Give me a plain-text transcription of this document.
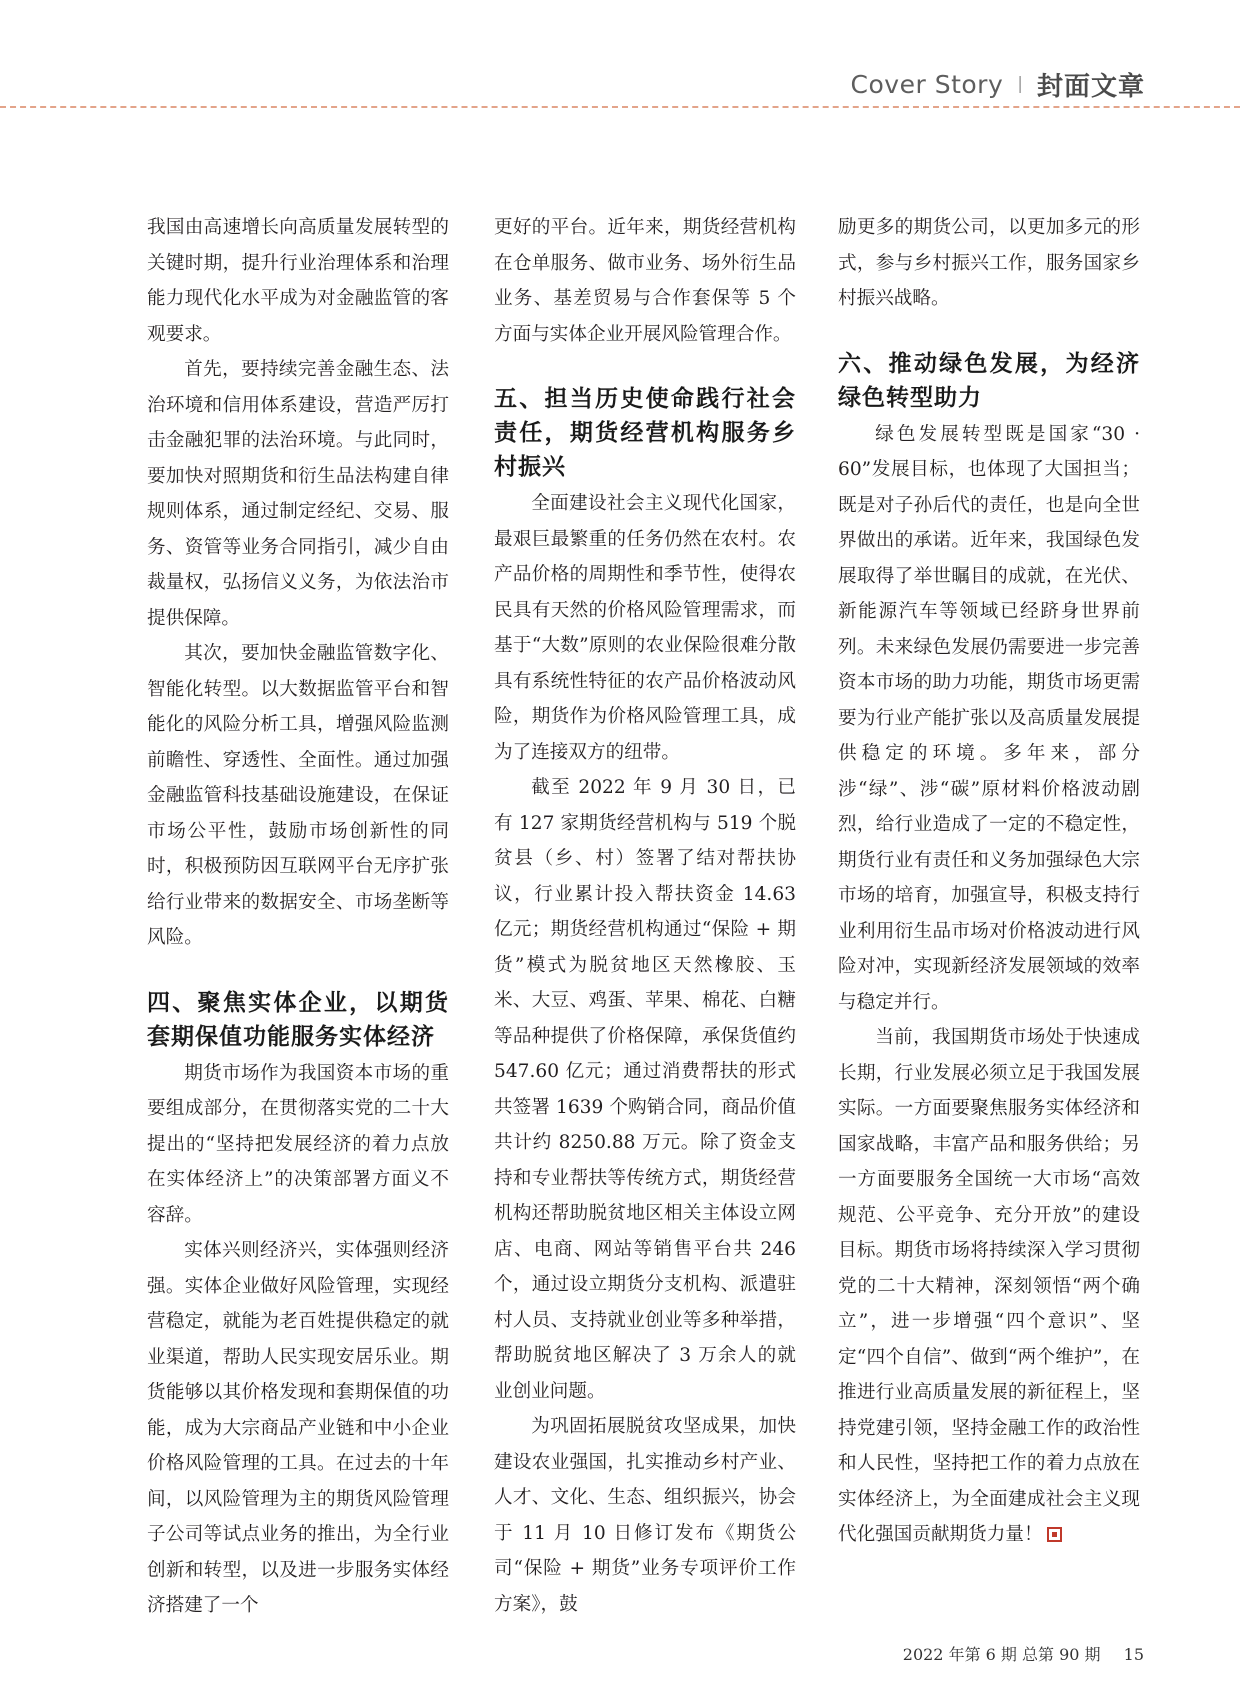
Cover Story | 封面文章

我国由高速增长向高质量发展转型的关键时期，提升行业治理体系和治理能力现代化水平成为对金融监管的客观要求。

首先，要持续完善金融生态、法治环境和信用体系建设，营造严厉打击金融犯罪的法治环境。与此同时，要加快对照期货和衍生品法构建自律规则体系，通过制定经纪、交易、服务、资管等业务合同指引，减少自由裁量权，弘扬信义义务，为依法治市提供保障。

其次，要加快金融监管数字化、智能化转型。以大数据监管平台和智能化的风险分析工具，增强风险监测前瞻性、穿透性、全面性。通过加强金融监管科技基础设施建设，在保证市场公平性，鼓励市场创新性的同时，积极预防因互联网平台无序扩张给行业带来的数据安全、市场垄断等风险。

四、聚焦实体企业，以期货套期保值功能服务实体经济

期货市场作为我国资本市场的重要组成部分，在贯彻落实党的二十大提出的“坚持把发展经济的着力点放在实体经济上”的决策部署方面义不容辞。

实体兴则经济兴，实体强则经济强。实体企业做好风险管理，实现经营稳定，就能为老百姓提供稳定的就业渠道，帮助人民实现安居乐业。期货能够以其价格发现和套期保值的功能，成为大宗商品产业链和中小企业价格风险管理的工具。在过去的十年间，以风险管理为主的期货风险管理子公司等试点业务的推出，为全行业创新和转型，以及进一步服务实体经济搭建了一个

更好的平台。近年来，期货经营机构在仓单服务、做市业务、场外衍生品业务、基差贸易与合作套保等 5 个方面与实体企业开展风险管理合作。

五、担当历史使命践行社会责任，期货经营机构服务乡村振兴

全面建设社会主义现代化国家，最艰巨最繁重的任务仍然在农村。农产品价格的周期性和季节性，使得农民具有天然的价格风险管理需求，而基于“大数”原则的农业保险很难分散具有系统性特征的农产品价格波动风险，期货作为价格风险管理工具，成为了连接双方的纽带。

截至 2022 年 9 月 30 日，已有 127 家期货经营机构与 519 个脱贫县（乡、村）签署了结对帮扶协议，行业累计投入帮扶资金 14.63 亿元；期货经营机构通过“保险 + 期货”模式为脱贫地区天然橡胶、玉米、大豆、鸡蛋、苹果、棉花、白糖等品种提供了价格保障，承保货值约 547.60 亿元；通过消费帮扶的形式共签署 1639 个购销合同，商品价值共计约 8250.88 万元。除了资金支持和专业帮扶等传统方式，期货经营机构还帮助脱贫地区相关主体设立网店、电商、网站等销售平台共 246 个，通过设立期货分支机构、派遣驻村人员、支持就业创业等多种举措，帮助脱贫地区解决了 3 万余人的就业创业问题。

为巩固拓展脱贫攻坚成果，加快建设农业强国，扎实推动乡村产业、人才、文化、生态、组织振兴，协会于 11 月 10 日修订发布《期货公司“保险 + 期货”业务专项评价工作方案》，鼓

励更多的期货公司，以更加多元的形式，参与乡村振兴工作，服务国家乡村振兴战略。

六、推动绿色发展，为经济绿色转型助力

绿色发展转型既是国家“30 · 60”发展目标，也体现了大国担当；既是对子孙后代的责任，也是向全世界做出的承诺。近年来，我国绿色发展取得了举世瞩目的成就，在光伏、新能源汽车等领域已经跻身世界前列。未来绿色发展仍需要进一步完善资本市场的助力功能，期货市场更需要为行业产能扩张以及高质量发展提供稳定的环境。多年来，部分涉“绿”、涉“碳”原材料价格波动剧烈，给行业造成了一定的不稳定性，期货行业有责任和义务加强绿色大宗市场的培育，加强宣导，积极支持行业利用衍生品市场对价格波动进行风险对冲，实现新经济发展领域的效率与稳定并行。

当前，我国期货市场处于快速成长期，行业发展必须立足于我国发展实际。一方面要聚焦服务实体经济和国家战略，丰富产品和服务供给；另一方面要服务全国统一大市场“高效规范、公平竞争、充分开放”的建设目标。期货市场将持续深入学习贯彻党的二十大精神，深刻领悟“两个确立”，进一步增强“四个意识”、坚定“四个自信”、做到“两个维护”，在推进行业高质量发展的新征程上，坚持党建引领，坚持金融工作的政治性和人民性，坚持把工作的着力点放在实体经济上，为全面建成社会主义现代化强国贡献期货力量！

2022 年第 6 期 总第 90 期 15
